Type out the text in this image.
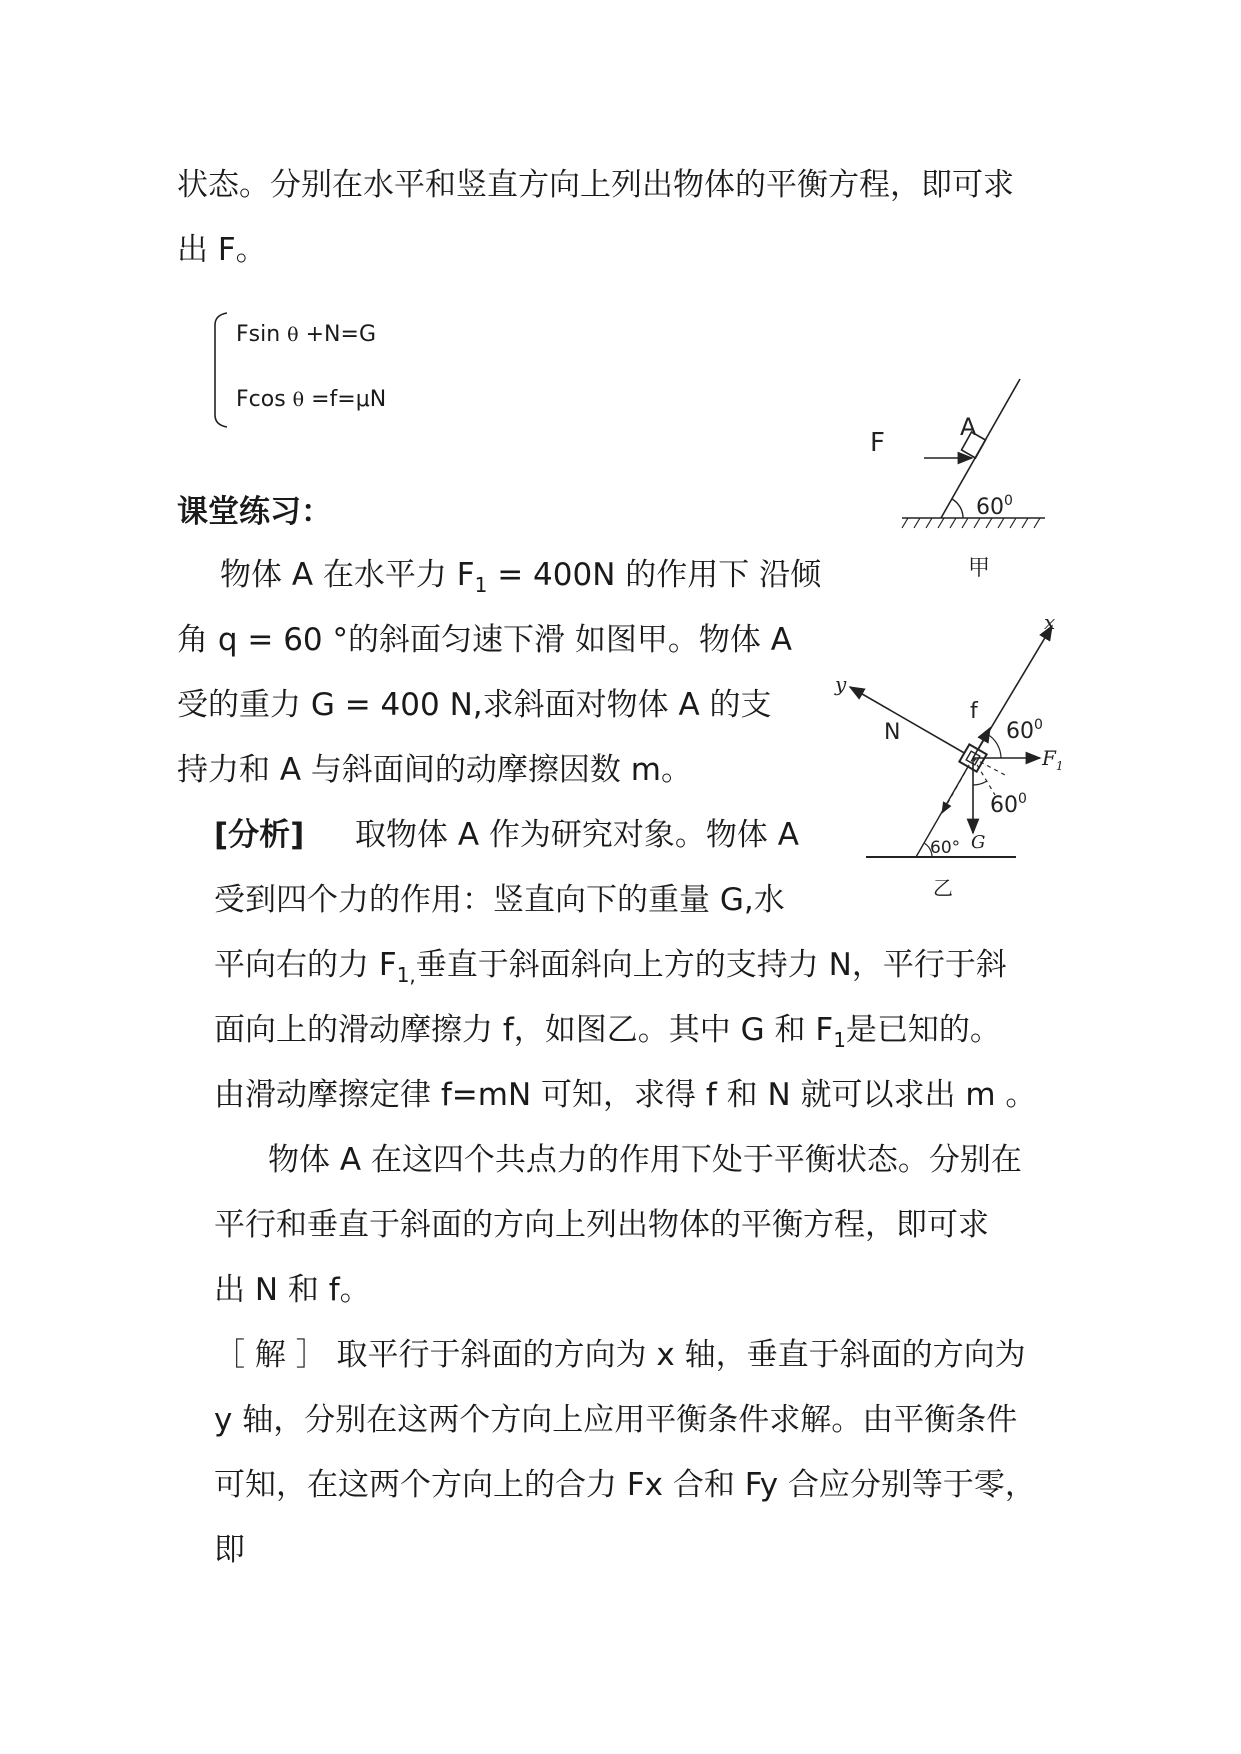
状态。分别在水平和竖直方向上列出物体的平衡方程，即可求
出 F。
Fsin θ +N=G
Fcos θ =f=μN
课堂练习：
物体 A 在水平力 $F_1 = 400N$ 的作用下 沿倾
角 q = 60 °的斜面匀速下滑 如图甲。物体 A
受的重力 G = 400 N,求斜面对物体 A 的支
持力和 A 与斜面间的动摩擦因数 m。
[分析] 取物体 A 作为研究对象。物体 A
受到四个力的作用：竖直向下的重量 G,水
平向右的力 $F_{1,}$垂直于斜面斜向上方的支持力 N，平行于斜
面向上的滑动摩擦力 f，如图乙。其中 G 和 $F_1$是已知的。
由滑动摩擦定律 f=mN 可知，求得 f 和 N 就可以求出 m 。
物体 A 在这四个共点力的作用下处于平衡状态。分别在
平行和垂直于斜面的方向上列出物体的平衡方程，即可求
出 N 和 f。
［ 解 ］ 取平行于斜面的方向为 x 轴，垂直于斜面的方向为
y 轴，分别在这两个方向上应用平衡条件求解。由平衡条件
可知，在这两个方向上的合力 Fx 合和 Fy 合应分别等于零，
即
F
A
$60^0$
甲
x
y
N
f
$60^0$
$F_1$
$60^0$
60° G
乙
